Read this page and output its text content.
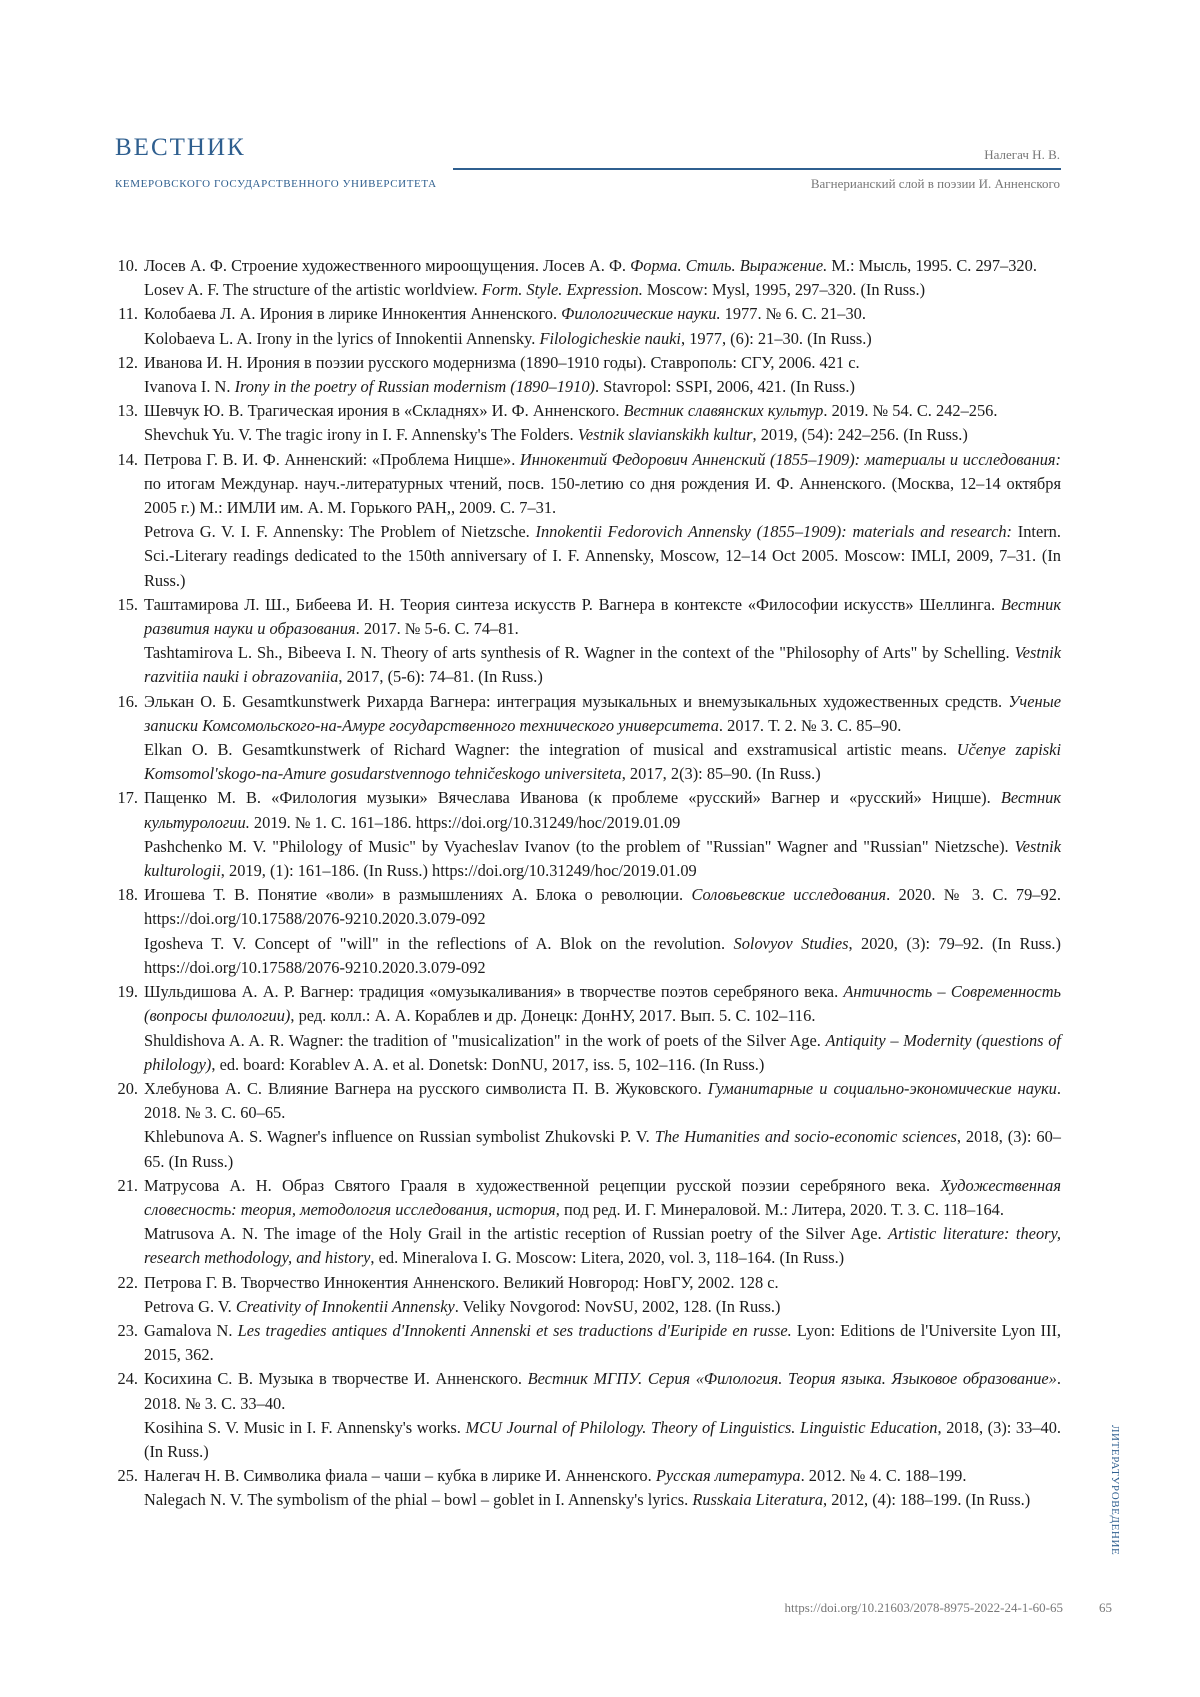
ВЕСТНИК
КЕМЕРОВСКОГО ГОСУДАРСТВЕННОГО УНИВЕРСИТЕТА
Налегач Н. В.
Вагнерианский слой в поэзии И. Анненского
10. Лосев А. Ф. Строение художественного мироощущения. Лосев А. Ф. Форма. Стиль. Выражение. М.: Мысль, 1995. С. 297–320.
Losev A. F. The structure of the artistic worldview. Form. Style. Expression. Moscow: Mysl, 1995, 297–320. (In Russ.)
11. Колобаева Л. А. Ирония в лирике Иннокентия Анненского. Филологические науки. 1977. № 6. С. 21–30.
Kolobaeva L. A. Irony in the lyrics of Innokentii Annensky. Filologicheskie nauki, 1977, (6): 21–30. (In Russ.)
12. Иванова И. Н. Ирония в поэзии русского модернизма (1890–1910 годы). Ставрополь: СГУ, 2006. 421 с.
Ivanova I. N. Irony in the poetry of Russian modernism (1890–1910). Stavropol: SSPI, 2006, 421. (In Russ.)
13. Шевчук Ю. В. Трагическая ирония в «Складнях» И. Ф. Анненского. Вестник славянских культур. 2019. № 54. С. 242–256.
Shevchuk Yu. V. The tragic irony in I. F. Annensky's The Folders. Vestnik slavianskikh kultur, 2019, (54): 242–256. (In Russ.)
14. Петрова Г. В. И. Ф. Анненский: «Проблема Ницше». Иннокентий Федорович Анненский (1855–1909): материалы и исследования: по итогам Междунар. науч.-литературных чтений, посв. 150-летию со дня рождения И. Ф. Анненского. (Москва, 12–14 октября 2005 г.) М.: ИМЛИ им. А. М. Горького РАН,, 2009. С. 7–31.
Petrova G. V. I. F. Annensky: The Problem of Nietzsche. Innokentii Fedorovich Annensky (1855–1909): materials and research: Intern. Sci.-Literary readings dedicated to the 150th anniversary of I. F. Annensky, Moscow, 12–14 Oct 2005. Moscow: IMLI, 2009, 7–31. (In Russ.)
15. Таштамирова Л. Ш., Бибеева И. Н. Теория синтеза искусств Р. Вагнера в контексте «Философии искусств» Шеллинга. Вестник развития науки и образования. 2017. № 5-6. С. 74–81.
Tashtamirova L. Sh., Bibeeva I. N. Theory of arts synthesis of R. Wagner in the context of the "Philosophy of Arts" by Schelling. Vestnik razvitiia nauki i obrazovaniia, 2017, (5-6): 74–81. (In Russ.)
16. Элькан О. Б. Gesamtkunstwerk Рихарда Вагнера: интеграция музыкальных и внемузыкальных художественных средств. Ученые записки Комсомольского-на-Амуре государственного технического университета. 2017. Т. 2. № 3. С. 85–90.
Elkan O. B. Gesamtkunstwerk of Richard Wagner: the integration of musical and exstramusical artistic means. Učenye zapiski Komsomol'skogo-na-Amure gosudarstvennogo tehničeskogo universiteta, 2017, 2(3): 85–90. (In Russ.)
17. Пащенко М. В. «Филология музыки» Вячеслава Иванова (к проблеме «русский» Вагнер и «русский» Ницше). Вестник культурологии. 2019. № 1. С. 161–186. https://doi.org/10.31249/hoc/2019.01.09
Pashchenko M. V. "Philology of Music" by Vyacheslav Ivanov (to the problem of "Russian" Wagner and "Russian" Nietzsche). Vestnik kulturologii, 2019, (1): 161–186. (In Russ.) https://doi.org/10.31249/hoc/2019.01.09
18. Игошева Т. В. Понятие «воли» в размышлениях А. Блока о революции. Соловьевские исследования. 2020. № 3. С. 79–92. https://doi.org/10.17588/2076-9210.2020.3.079-092
Igosheva T. V. Concept of "will" in the reflections of A. Blok on the revolution. Solovyov Studies, 2020, (3): 79–92. (In Russ.) https://doi.org/10.17588/2076-9210.2020.3.079-092
19. Шульдишова А. А. Р. Вагнер: традиция «омузыкаливания» в творчестве поэтов серебряного века. Античность – Современность (вопросы филологии), ред. колл.: А. А. Кораблев и др. Донецк: ДонНУ, 2017. Вып. 5. С. 102–116.
Shuldishova A. A. R. Wagner: the tradition of "musicalization" in the work of poets of the Silver Age. Antiquity – Modernity (questions of philology), ed. board: Korablev A. A. et al. Donetsk: DonNU, 2017, iss. 5, 102–116. (In Russ.)
20. Хлебунова А. С. Влияние Вагнера на русского символиста П. В. Жуковского. Гуманитарные и социально-экономические науки. 2018. № 3. С. 60–65.
Khlebunova A. S. Wagner's influence on Russian symbolist Zhukovski P. V. The Humanities and socio-economic sciences, 2018, (3): 60–65. (In Russ.)
21. Матрусова А. Н. Образ Святого Грааля в художественной рецепции русской поэзии серебряного века. Художественная словесность: теория, методология исследования, история, под ред. И. Г. Минераловой. М.: Литера, 2020. Т. 3. С. 118–164.
Matrusova A. N. The image of the Holy Grail in the artistic reception of Russian poetry of the Silver Age. Artistic literature: theory, research methodology, and history, ed. Mineralova I. G. Moscow: Litera, 2020, vol. 3, 118–164. (In Russ.)
22. Петрова Г. В. Творчество Иннокентия Анненского. Великий Новгород: НовГУ, 2002. 128 с.
Petrova G. V. Creativity of Innokentii Annensky. Veliky Novgorod: NovSU, 2002, 128. (In Russ.)
23. Gamalova N. Les tragedies antiques d'Innokenti Annenski et ses traductions d'Euripide en russe. Lyon: Editions de l'Universite Lyon III, 2015, 362.
24. Косихина С. В. Музыка в творчестве И. Анненского. Вестник МГПУ. Серия «Филология. Теория языка. Языковое образование». 2018. № 3. С. 33–40.
Kosihina S. V. Music in I. F. Annensky's works. MCU Journal of Philology. Theory of Linguistics. Linguistic Education, 2018, (3): 33–40. (In Russ.)
25. Налегач Н. В. Символика фиала – чаши – кубка в лирике И. Анненского. Русская литература. 2012. № 4. С. 188–199.
Nalegach N. V. The symbolism of the phial – bowl – goblet in I. Annensky's lyrics. Russkaia Literatura, 2012, (4): 188–199. (In Russ.)	ЛИТЕРАТУРОВЕДЕНИЕ
https://doi.org/10.21603/2078-8975-2022-24-1-60-65	65
